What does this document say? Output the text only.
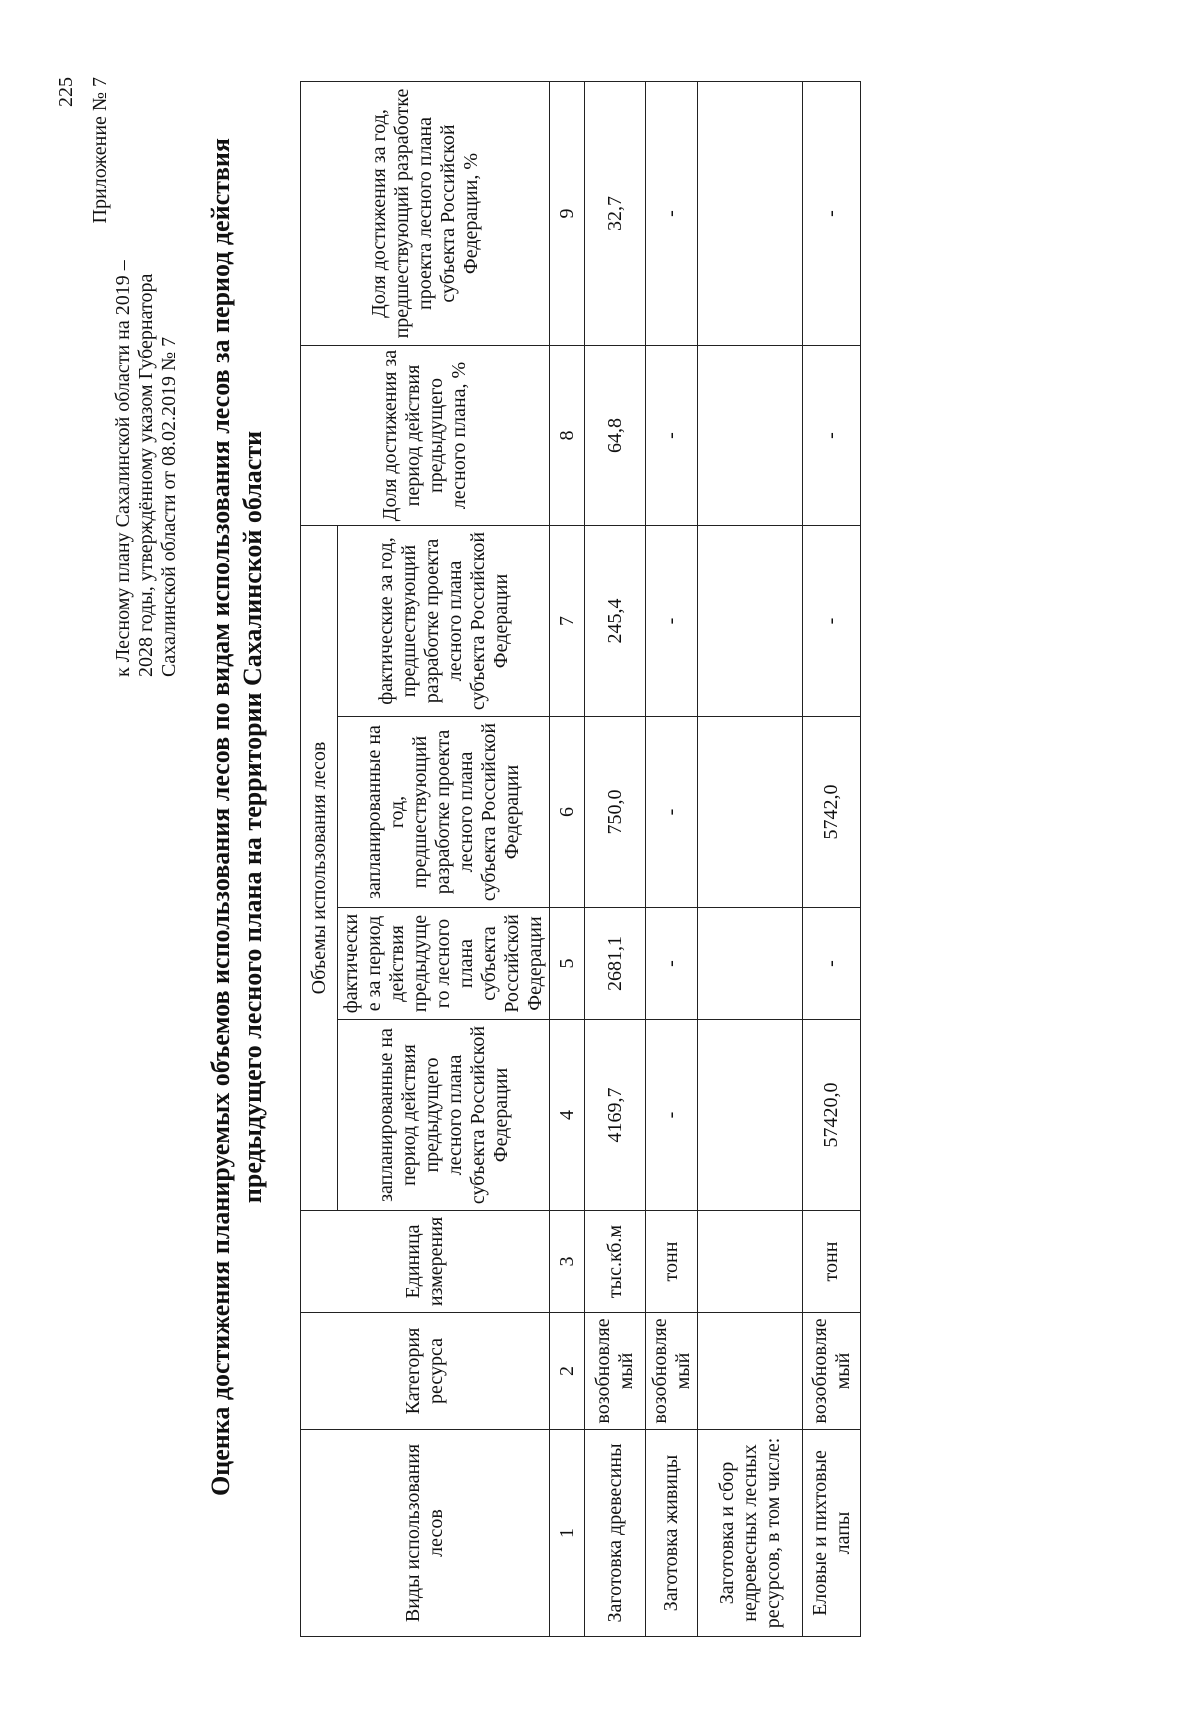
225 Приложение № 7
к Лесному плану Сахалинской области на 2019 – 2028 годы, утверждённому указом Губернатора Сахалинской области от 08.02.2019 № 7 Оценка достижения планируемых объемов использования лесов по видам использования лесов за период действия предыдущего лесного плана на территории Сахалинской области
Виды использования лесов	Категория ресурса	Единица измерения	Объемы использования лесов				Доля достижения за период действия предыдущего лесного плана, %	Доля достижения за год, предшествующий разработке проекта лесного плана субъекта Российской Федерации, %
			запланированные на период действия предыдущего лесного плана субъекта Российской Федерации	фактические за период действия предыдущего лесного плана субъекта Российской Федерации	запланированные на год, предшествующий разработке проекта лесного плана субъекта Российской Федерации	фактические за год, предшествующий разработке проекта лесного плана субъекта Российской Федерации		
1	2	3	4	5	6	7	8	9
Заготовка древесины	возобновляемый	тыс.кб.м	4169,7	2681,1	750,0	245,4	64,8	32,7
Заготовка живицы	возобновляемый	тонн	-	-	-	-	-	-
Заготовка и сбор недревесных лесных ресурсов, в том числе:								
Еловые и пихтовые лапы	возобновляемый	тонн	57420,0	-	5742,0	-	-	-
